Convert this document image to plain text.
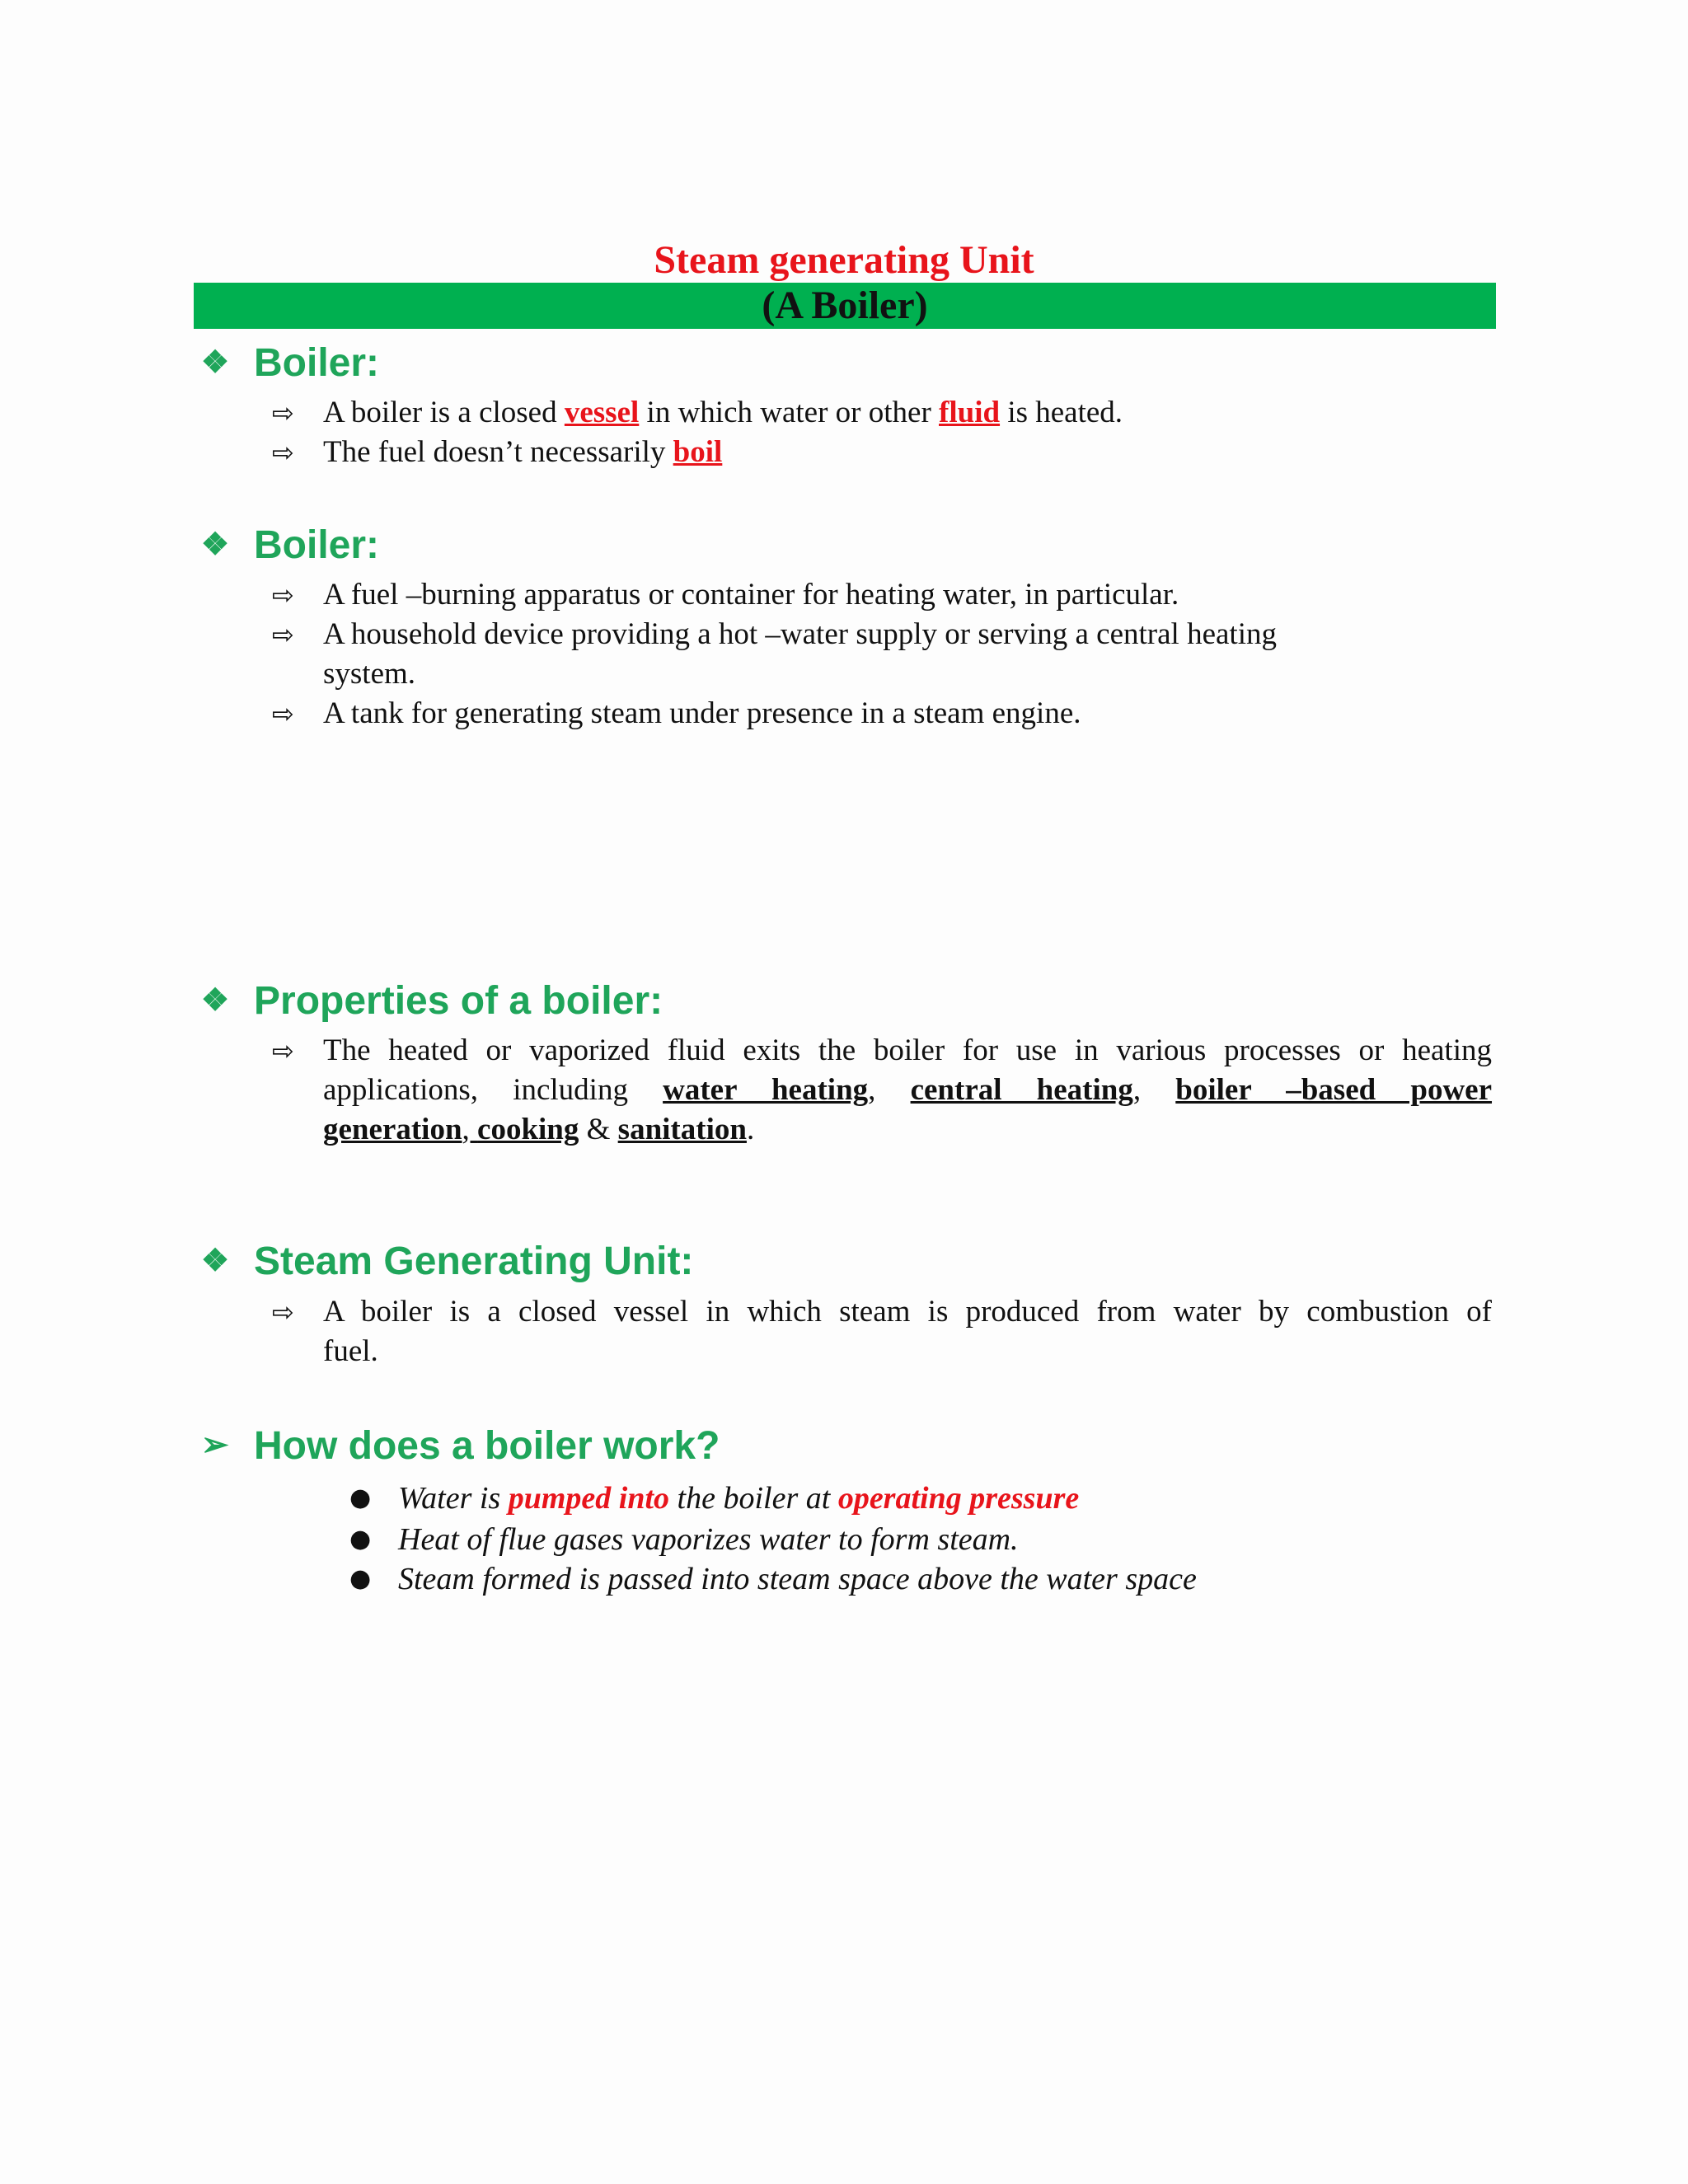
Steam generating Unit
(A Boiler)
❖ Boiler:
⇨ A boiler is a closed vessel in which water or other fluid is heated.
⇨ The fuel doesn’t necessarily boil
❖ Boiler:
⇨ A fuel –burning apparatus or container for heating water, in particular.
⇨ A household device providing a hot –water supply or serving a central heating
system.
⇨ A tank for generating steam under presence in a steam engine.
❖ Properties of a boiler:
⇨ The heated or vaporized fluid exits the boiler for use in various processes or heating
applications, including water heating, central heating, boiler –based power
generation, cooking & sanitation.
❖ Steam Generating Unit:
⇨ A boiler is a closed vessel in which steam is produced from water by combustion of
fuel.
➢ How does a boiler work?
● Water is pumped into the boiler at operating pressure
● Heat of flue gases vaporizes water to form steam.
● Steam formed is passed into steam space above the water space
